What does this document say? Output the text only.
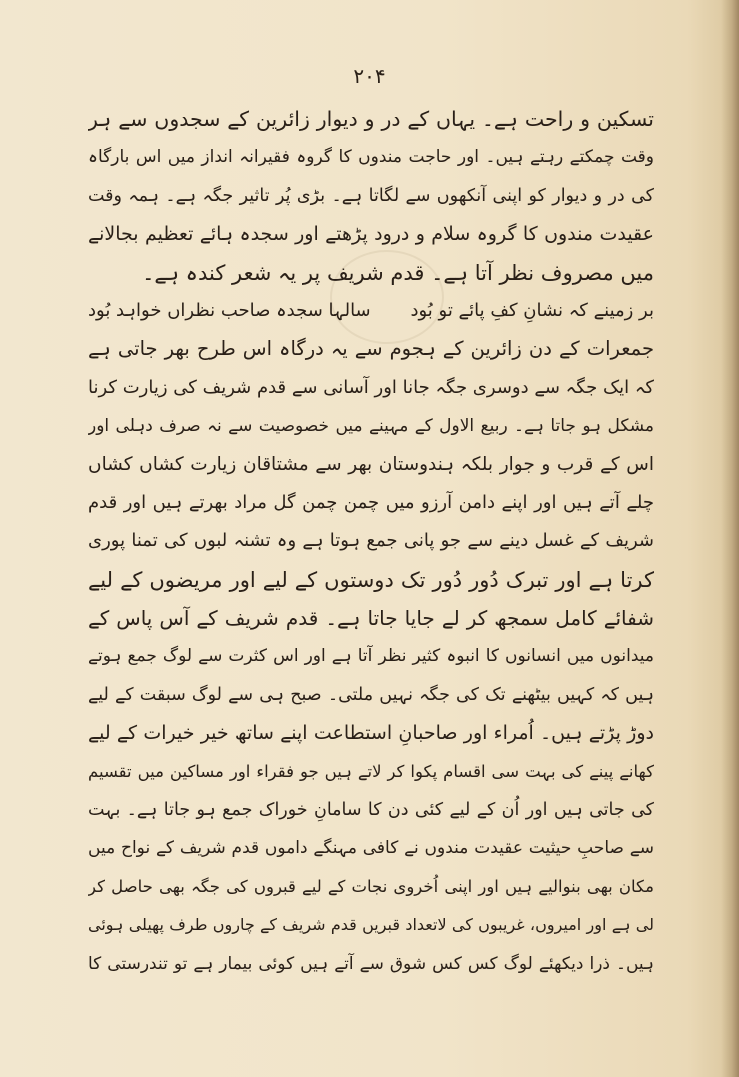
۲۰۴
تسکین و راحت ہے۔ یہاں کے در و دیوار زائرین کے سجدوں سے ہر
وقت چمکتے رہتے ہیں۔ اور حاجت مندوں کا گروہ فقیرانہ انداز میں اس بارگاہ
کی در و دیوار کو اپنی آنکھوں سے لگاتا ہے۔ بڑی پُر تاثیر جگہ ہے۔ ہمہ وقت
عقیدت مندوں کا گروہ سلام و درود پڑھتے اور سجدہ ہائے تعظیم بجالانے
میں مصروف نظر آتا ہے۔ قدم شریف پر یہ شعر کندہ ہے۔
بر زمینے کہ نشانِ کفِ پائے تو بُود
سالہا سجدہ صاحب نظراں خواہد بُود
جمعرات کے دن زائرین کے ہجوم سے یہ درگاہ اس طرح بھر جاتی ہے
کہ ایک جگہ سے دوسری جگہ جانا اور آسانی سے قدم شریف کی زیارت کرنا
مشکل ہو جاتا ہے۔ ربیع الاول کے مہینے میں خصوصیت سے نہ صرف دہلی اور
اس کے قرب و جوار بلکہ ہندوستان بھر سے مشتاقان زیارت کشاں کشاں
چلے آتے ہیں اور اپنے دامن آرزو میں چمن چمن گل مراد بھرتے ہیں اور قدم
شریف کے غسل دینے سے جو پانی جمع ہوتا ہے وہ تشنہ لبوں کی تمنا پوری
کرتا ہے اور تبرک دُور دُور تک دوستوں کے لیے اور مریضوں کے لیے
شفائے کامل سمجھ کر لے جایا جاتا ہے۔ قدم شریف کے آس پاس کے
میدانوں میں انسانوں کا انبوہ کثیر نظر آتا ہے اور اس کثرت سے لوگ جمع ہوتے
ہیں کہ کہیں بیٹھنے تک کی جگہ نہیں ملتی۔ صبح ہی سے لوگ سبقت کے لیے
دوڑ پڑتے ہیں۔ اُمراء اور صاحبانِ استطاعت اپنے ساتھ خیر خیرات کے لیے
کھانے پینے کی بہت سی اقسام پکوا کر لاتے ہیں جو فقراء اور مساکین میں تقسیم
کی جاتی ہیں اور اُن کے لیے کئی دن کا سامانِ خوراک جمع ہو جاتا ہے۔ بہت
سے صاحبِ حیثیت عقیدت مندوں نے کافی مہنگے داموں قدم شریف کے نواح میں
مکان بھی بنوالیے ہیں اور اپنی اُخروی نجات کے لیے قبروں کی جگہ بھی حاصل کر
لی ہے اور امیروں، غریبوں کی لاتعداد قبریں قدم شریف کے چاروں طرف پھیلی ہوئی
ہیں۔ ذرا دیکھئے لوگ کس کس شوق سے آتے ہیں کوئی بیمار ہے تو تندرستی کا
